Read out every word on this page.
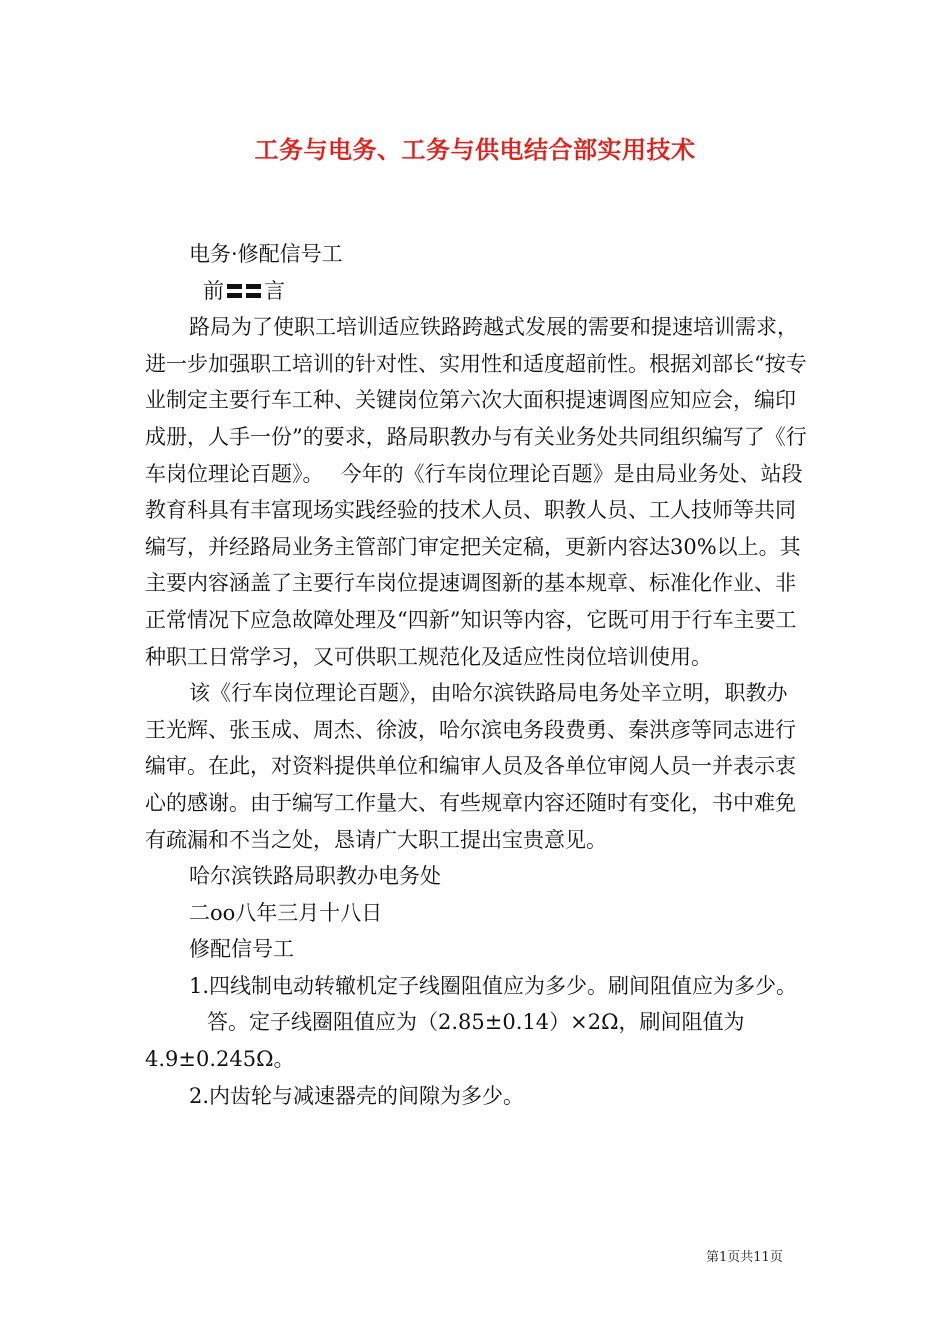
工务与电务、工务与供电结合部实用技术

电务·修配信号工

前 言

路局为了使职工培训适应铁路跨越式发展的需要和提速培训需求，进一步加强职工培训的针对性、实用性和适度超前性。根据刘部长“按专业制定主要行车工种、关键岗位第六次大面积提速调图应知应会，编印成册，人手一份”的要求，路局职教办与有关业务处共同组织编写了《行车岗位理论百题》。　 今年的《行车岗位理论百题》是由局业务处、站段教育科具有丰富现场实践经验的技术人员、职教人员、工人技师等共同编写，并经路局业务主管部门审定把关定稿，更新内容达30%以上。其主要内容涵盖了主要行车岗位提速调图新的基本规章、标准化作业、非正常情况下应急故障处理及“四新”知识等内容，它既可用于行车主要工种职工日常学习，又可供职工规范化及适应性岗位培训使用。

该《行车岗位理论百题》，由哈尔滨铁路局电务处辛立明，职教办王光辉、张玉成、周杰、徐波，哈尔滨电务段费勇、秦洪彦等同志进行编审。在此，对资料提供单位和编审人员及各单位审阅人员一并表示衷心的感谢。由于编写工作量大、有些规章内容还随时有变化，书中难免有疏漏和不当之处，恳请广大职工提出宝贵意见。

哈尔滨铁路局职教办电务处

二oo八年三月十八日

修配信号工

1.四线制电动转辙机定子线圈阻值应为多少。刷间阻值应为多少。

答。定子线圈阻值应为（2.85±0.14）×2Ω，刷间阻值为4.9±0.245Ω。

2.内齿轮与减速器壳的间隙为多少。

第1页共11页
